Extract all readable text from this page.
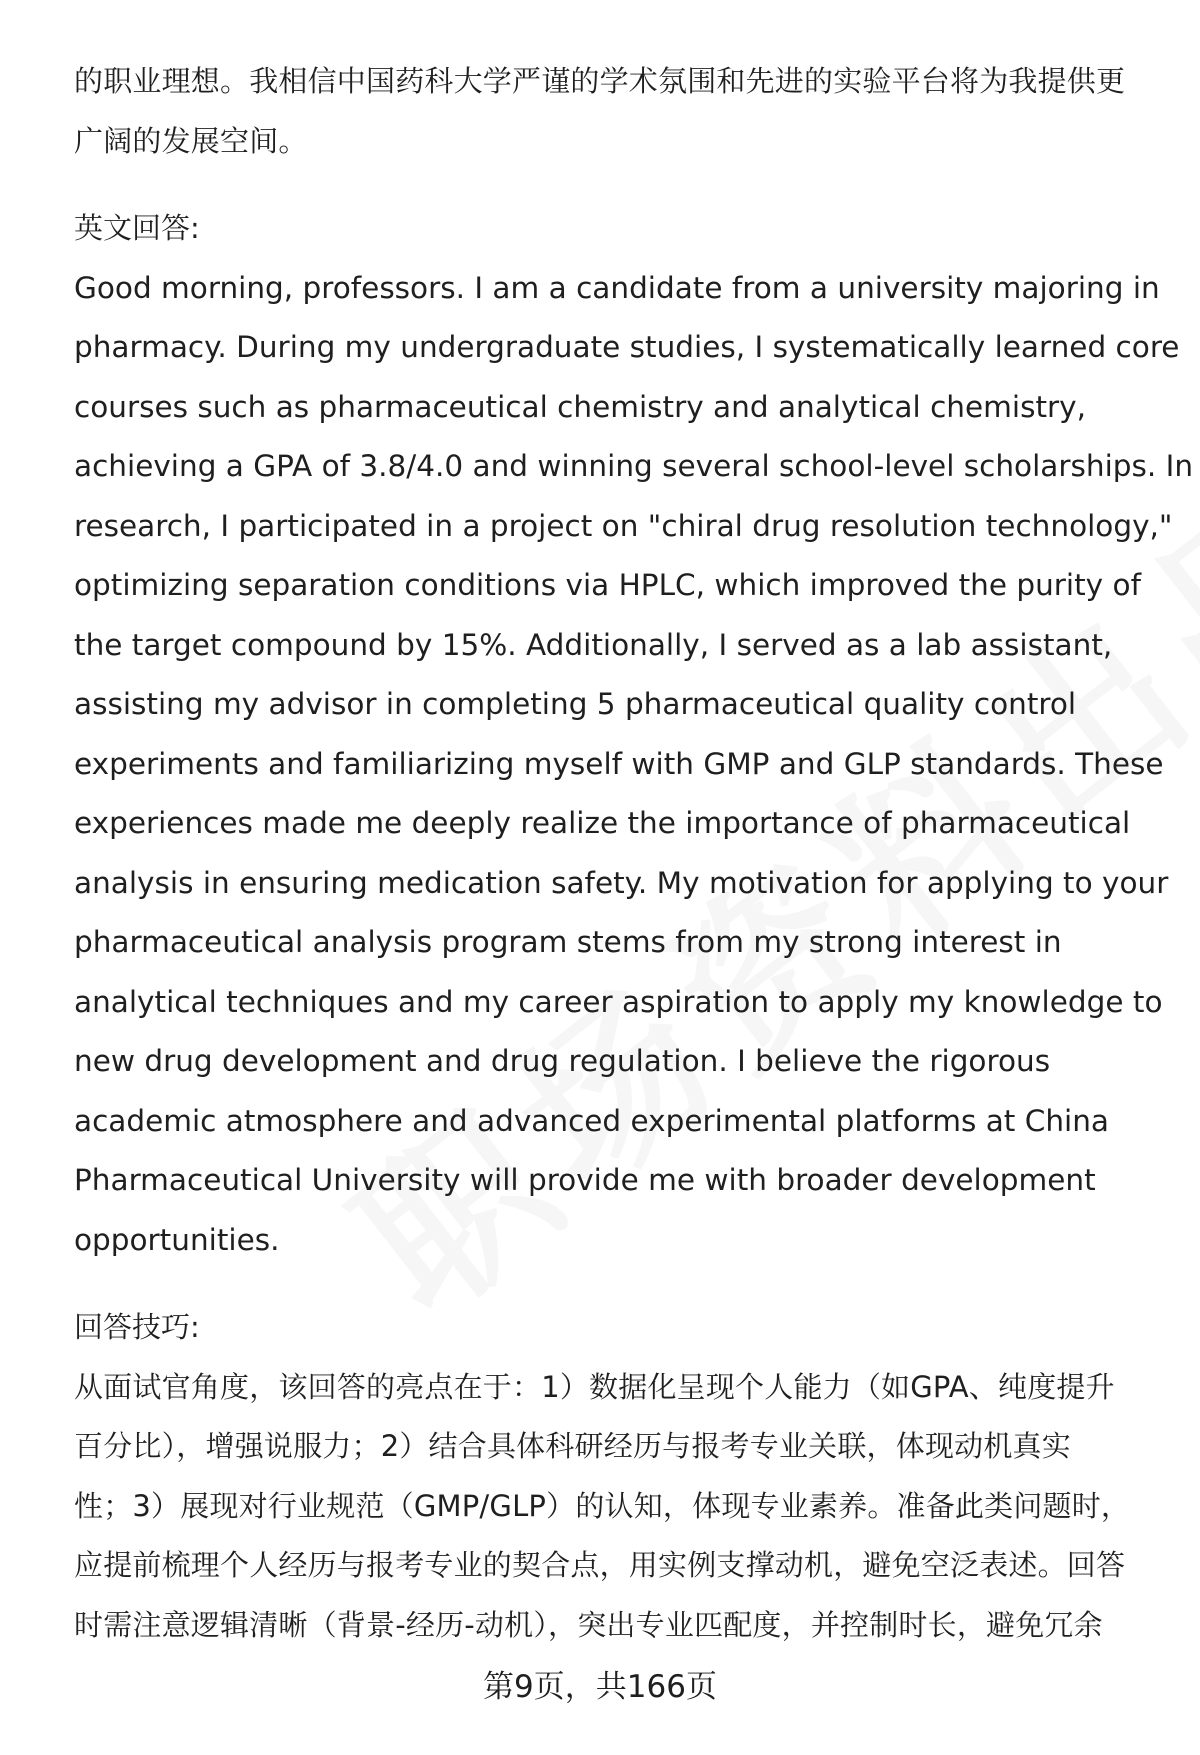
的职业理想。我相信中国药科大学严谨的学术氛围和先进的实验平台将为我提供更
广阔的发展空间。
英文回答:
Good morning, professors. I am a candidate from a university majoring in
pharmacy. During my undergraduate studies, I systematically learned core
courses such as pharmaceutical chemistry and analytical chemistry,
achieving a GPA of 3.8/4.0 and winning several school-level scholarships. In
research, I participated in a project on "chiral drug resolution technology,"
optimizing separation conditions via HPLC, which improved the purity of
the target compound by 15%. Additionally, I served as a lab assistant,
assisting my advisor in completing 5 pharmaceutical quality control
experiments and familiarizing myself with GMP and GLP standards. These
experiences made me deeply realize the importance of pharmaceutical
analysis in ensuring medication safety. My motivation for applying to your
pharmaceutical analysis program stems from my strong interest in
analytical techniques and my career aspiration to apply my knowledge to
new drug development and drug regulation. I believe the rigorous
academic atmosphere and advanced experimental platforms at China
Pharmaceutical University will provide me with broader development
opportunities.
回答技巧:
从面试官角度，该回答的亮点在于：1）数据化呈现个人能力（如GPA、纯度提升
百分比），增强说服力；2）结合具体科研经历与报考专业关联，体现动机真实
性；3）展现对行业规范（GMP/GLP）的认知，体现专业素养。准备此类问题时，
应提前梳理个人经历与报考专业的契合点，用实例支撑动机，避免空泛表述。回答
时需注意逻辑清晰（背景-经历-动机），突出专业匹配度，并控制时长，避免冗余
第9页，共166页
